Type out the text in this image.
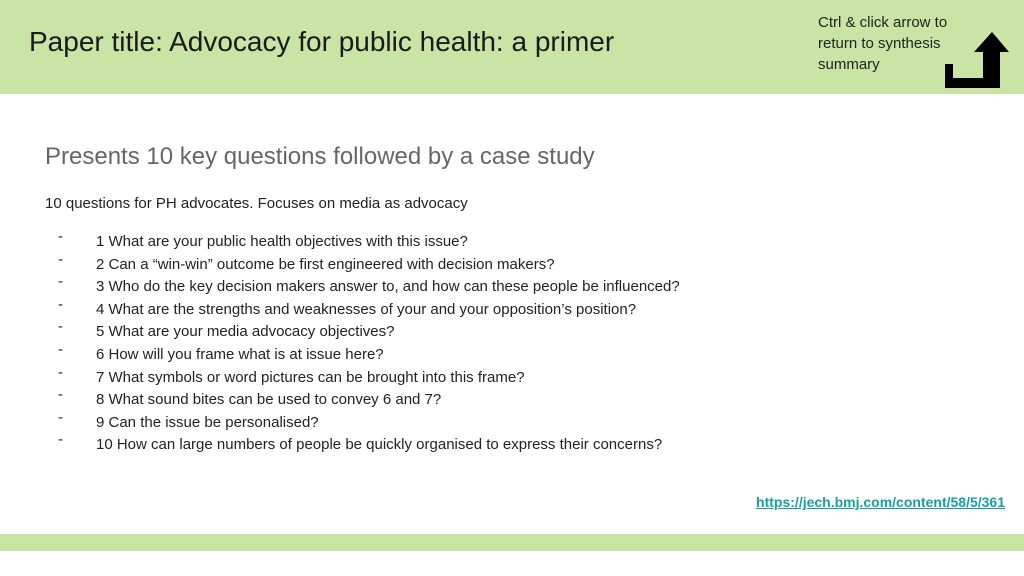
Paper title: Advocacy for public health: a primer
Ctrl & click arrow to return to synthesis summary
Presents 10 key questions followed by a case study
10 questions for PH advocates. Focuses on media as advocacy
-	1 What are your public health objectives with this issue?
-	2 Can a “win-win” outcome be first engineered with decision makers?
-	3 Who do the key decision makers answer to, and how can these people be influenced?
-	4 What are the strengths and weaknesses of your and your opposition’s position?
-	5 What are your media advocacy objectives?
-	6 How will you frame what is at issue here?
-	7 What symbols or word pictures can be brought into this frame?
-	8 What sound bites can be used to convey 6 and 7?
-	9 Can the issue be personalised?
-	10 How can large numbers of people be quickly organised to express their concerns?
https://jech.bmj.com/content/58/5/361
